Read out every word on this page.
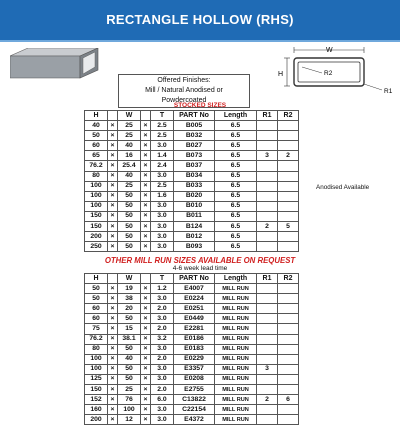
RECTANGLE HOLLOW (RHS)
W
H	R2
R1
Offered Finishes:
Mill / Natural Anodised or
Powdercoated
STOCKED SIZES
H		W		T	PART No	Length	R1	R2
40	×	25	×	2.5	B005	6.5		
50	×	25	×	2.5	B032	6.5		
60	×	40	×	3.0	B027	6.5		
65	×	16	×	1.4	B073	6.5	3	2
76.2	×	25.4	×	2.4	B037	6.5		
80	×	40	×	3.0	B034	6.5		
100	×	25	×	2.5	B033	6.5		
100	×	50	×	1.6	B020	6.5		
100	×	50	×	3.0	B010	6.5		
150	×	50	×	3.0	B011	6.5		
150	×	50	×	3.0	B124	6.5	2	5
200	×	50	×	3.0	B012	6.5		
250	×	50	×	3.0	B093	6.5		
Anodised Available
OTHER MILL RUN SIZES AVAILABLE ON REQUEST
4-6 week lead time
H		W		T	PART No	Length	R1	R2
50	×	19	×	1.2	E4007	MILL RUN		
50	×	38	×	3.0	E0224	MILL RUN		
60	×	20	×	2.0	E0251	MILL RUN		
60	×	50	×	3.0	E0449	MILL RUN		
75	×	15	×	2.0	E2281	MILL RUN		
76.2	×	38.1	×	3.2	E0186	MILL RUN		
80	×	50	×	3.0	E0183	MILL RUN		
100	×	40	×	2.0	E0229	MILL RUN		
100	×	50	×	3.0	E3357	MILL RUN	3	
125	×	50	×	3.0	E0208	MILL RUN		
150	×	25	×	2.0	E2755	MILL RUN		
152	×	76	×	6.0	C13822	MILL RUN	2	6
160	×	100	×	3.0	C22154	MILL RUN		
200	×	12	×	3.0	E4372	MILL RUN		
